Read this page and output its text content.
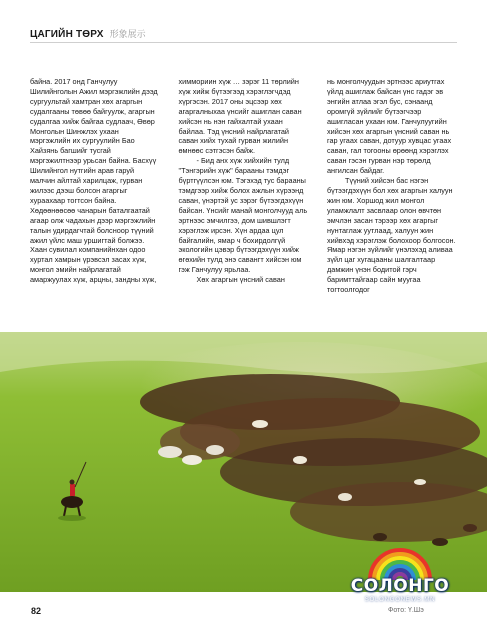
ЦАГИЙН ТӨРХ 形象展示

байна. 2017 онд Ганчулуу Шилийнголын Ажил мэргэжлийн дээд сургуультай хамтран хөх агаргын судалгааны төвөө байгуулж, агаргын судалгаа хийж байгаа судлаач, Өвөр Монголын Шинжлэх ухаан мэргэжлийн их сургуулийн Бао Хайзянь багшийг тусгай мэргэжилтнээр урьсан байна. Басхүү Шилийнгол нутгийн арав гаруй малчин айлтай харилцаж, гурван жилээс дээш болсон агаргыг хураахаар тогтсон байна. Хөдөөнөөсөө чанарын баталгаатай агаар олж чадахын дээр мэргэжлийн талын удирдагчтай болсноор түүний ажил үйлс маш уршигтай болжээ. Хаан сувилал компанийнхан одоо хуртал хамрын үрэвсэл засах хүж, монгол эмийн найрлагатай амаржуулах хүж, арцны, зандны хүж,

химмориин хүж … зэрэг 11 төрлийн хүж хийж бүтээгээд хэрэглэгчдэд хүргэсэн. 2017 оны эцсээр хөх агаргалныхаа үнсийг ашиглан саван хийсэн нь нэн гайхалтай ухаан байлаа. Тэд үнсний найрлагатай саван хийх тухай гурван жилийн өмнөөс сэтгэсэн байж.

- Бид анх хүж хийхийн тулд "Тэнгэрийн хүж" барааны тэмдэг бүртгүүлсэн юм. Тэгэхэд тус барааны тэмдгээр хийж болох ажлын хүрээнд саван, үнэртэй ус зэрэг бүтээгдэхүүн байсан. Үнсийг манай монголчууд аль эртнээс эмчилгээ, дом шившлэгт хэрэглэж ирсэн. Хүн ардаа цул байгалийн, ямар ч бохирдолгүй экологийн цэвэр бүтээгдэхүүн хийж өгөхийн тулд энэ савангт хийсэн юм гэж Ганчулуу ярьлаа.

Хөх агаргын үнсний саван

нь монголчуудын эртнээс ариутгах үйлд ашиглаж байсан үнс гадэг эв энгийн атлаа эгэл бус, сэнаанд оромгүй зүйлийг бүтээгчээр ашигласан ухаан юм. Ганчулуугийн хийсэн хөх агаргын үнсний саван нь гар угаах саван, дотуур хувцас угаах саван, гал тогооны өрөөнд хэрэглэх саван гэсэн гурван нэр төрөлд ангилсан байдаг.

Түүний хийсэн бас нэгэн бүтээгдэхүүн бол хөх агаргын халуун жин юм. Хоршод жил монгол уламжлалт засвлаар олон өвчтөн эмчлэн засан тэрээр хөх агаргыг нунтаглаж уутлаад, халуун жин хийвхэд хэрэглэж болохоор болгосон. Ямар нэгэн зүйлийг үнэлэхэд аливаа зүйл цаг хугацааны шалгалтаар дамжин үнэн бодитой гэрч баримттайгаар сайн муугаа тогтоолгодог

СОЛОНГО
SOLONGONEWS.MN
82	Фото: Ү.Шэ
